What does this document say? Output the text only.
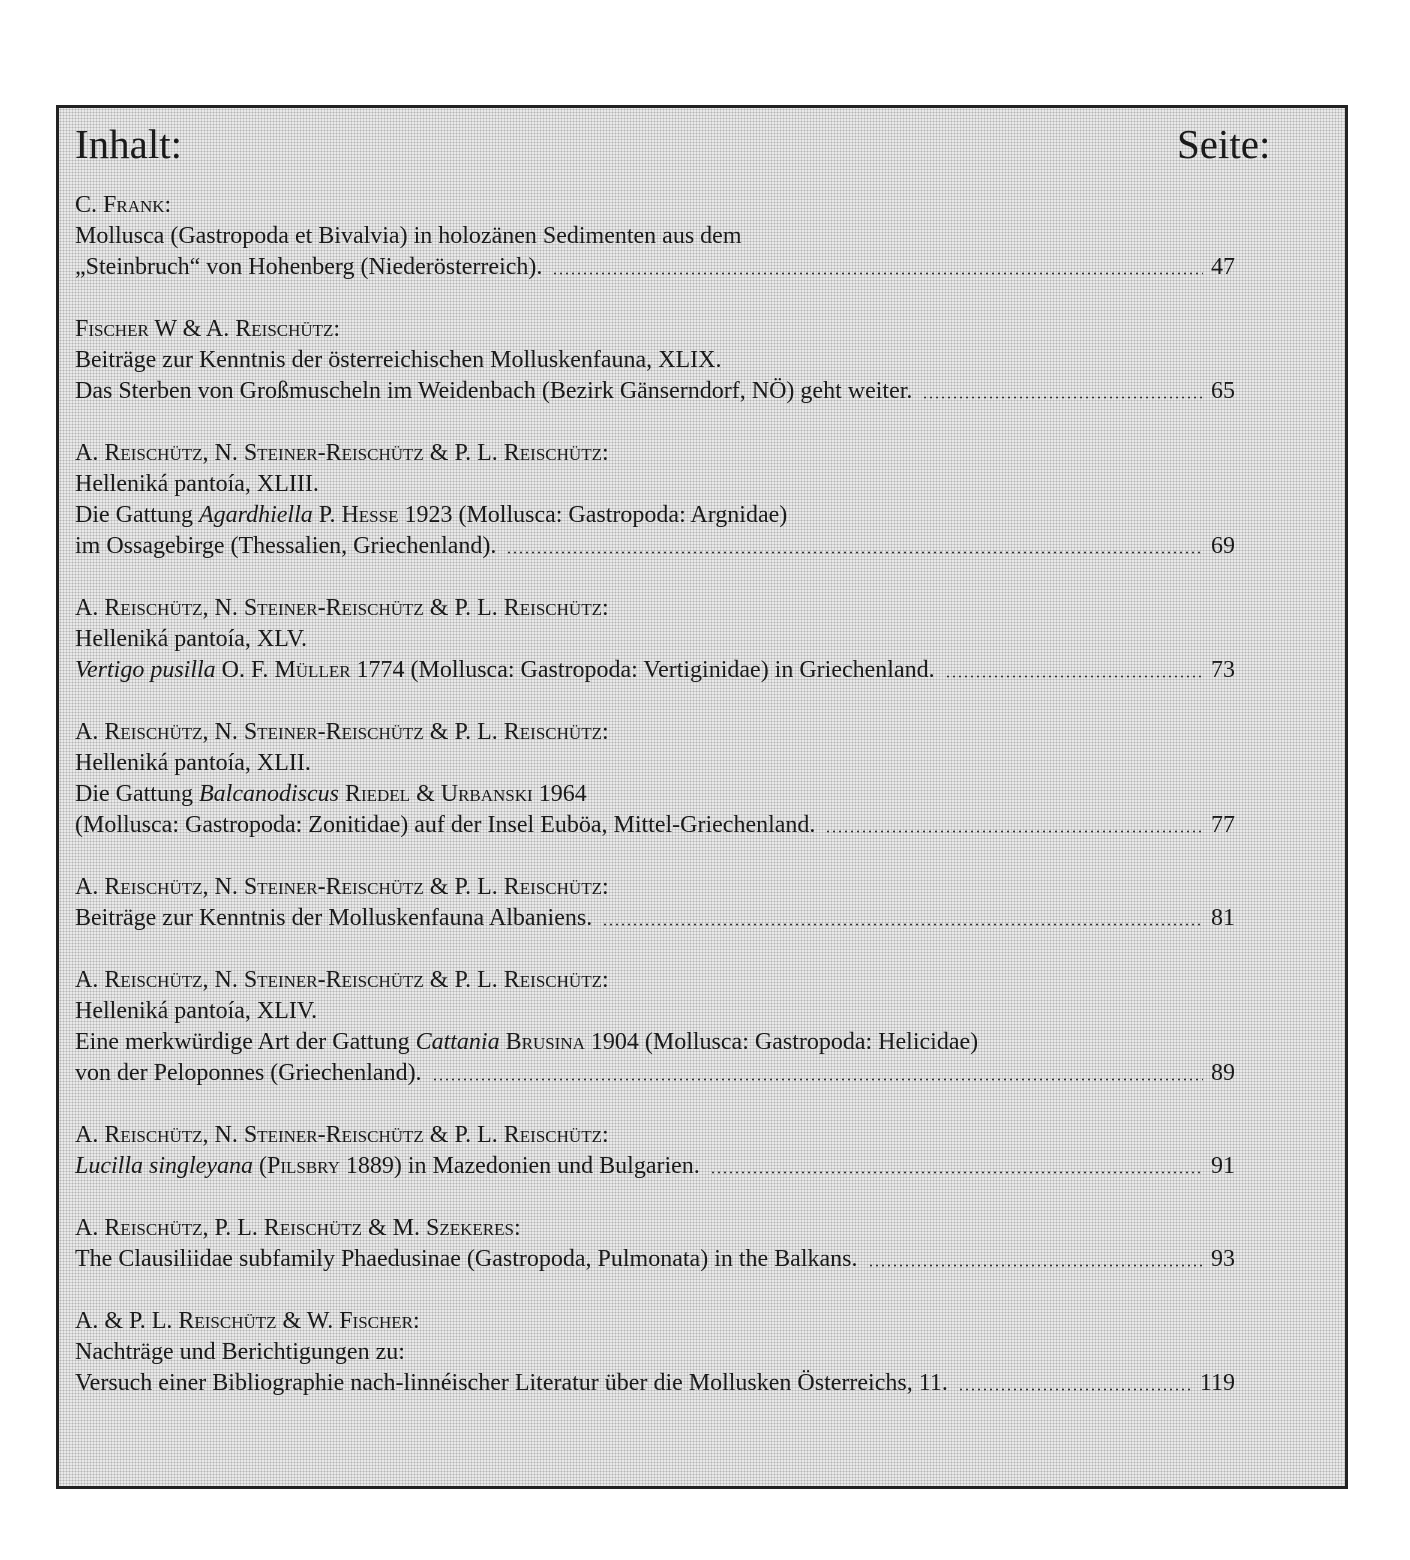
Inhalt:	Seite:
C. Frank:
Mollusca (Gastropoda et Bivalvia) in holozänen Sedimenten aus dem
„Steinbruch“ von Hohenberg (Niederösterreich).	47
Fischer W & A. Reischütz:
Beiträge zur Kenntnis der österreichischen Molluskenfauna, XLIX.
Das Sterben von Großmuscheln im Weidenbach (Bezirk Gänserndorf, NÖ) geht weiter.	65
A. Reischütz, N. Steiner-Reischütz & P. L. Reischütz:
Helleniká pantoía, XLIII.
Die Gattung Agardhiella P. Hesse 1923 (Mollusca: Gastropoda: Argnidae)
im Ossagebirge (Thessalien, Griechenland).	69
A. Reischütz, N. Steiner-Reischütz & P. L. Reischütz:
Helleniká pantoía, XLV.
Vertigo pusilla O. F. Müller 1774 (Mollusca: Gastropoda: Vertiginidae) in Griechenland.	73
A. Reischütz, N. Steiner-Reischütz & P. L. Reischütz:
Helleniká pantoía, XLII.
Die Gattung Balcanodiscus Riedel & Urbanski 1964
(Mollusca: Gastropoda: Zonitidae) auf der Insel Euböa, Mittel-Griechenland.	77
A. Reischütz, N. Steiner-Reischütz & P. L. Reischütz:
Beiträge zur Kenntnis der Molluskenfauna Albaniens.	81
A. Reischütz, N. Steiner-Reischütz & P. L. Reischütz:
Helleniká pantoía, XLIV.
Eine merkwürdige Art der Gattung Cattania Brusina 1904 (Mollusca: Gastropoda: Helicidae)
von der Peloponnes (Griechenland).	89
A. Reischütz, N. Steiner-Reischütz & P. L. Reischütz:
Lucilla singleyana (Pilsbry 1889) in Mazedonien und Bulgarien.	91
A. Reischütz, P. L. Reischütz & M. Szekeres:
The Clausiliidae subfamily Phaedusinae (Gastropoda, Pulmonata) in the Balkans.	93
A. & P. L. Reischütz & W. Fischer:
Nachträge und Berichtigungen zu:
Versuch einer Bibliographie nach-linnéischer Literatur über die Mollusken Österreichs, 11.	119
